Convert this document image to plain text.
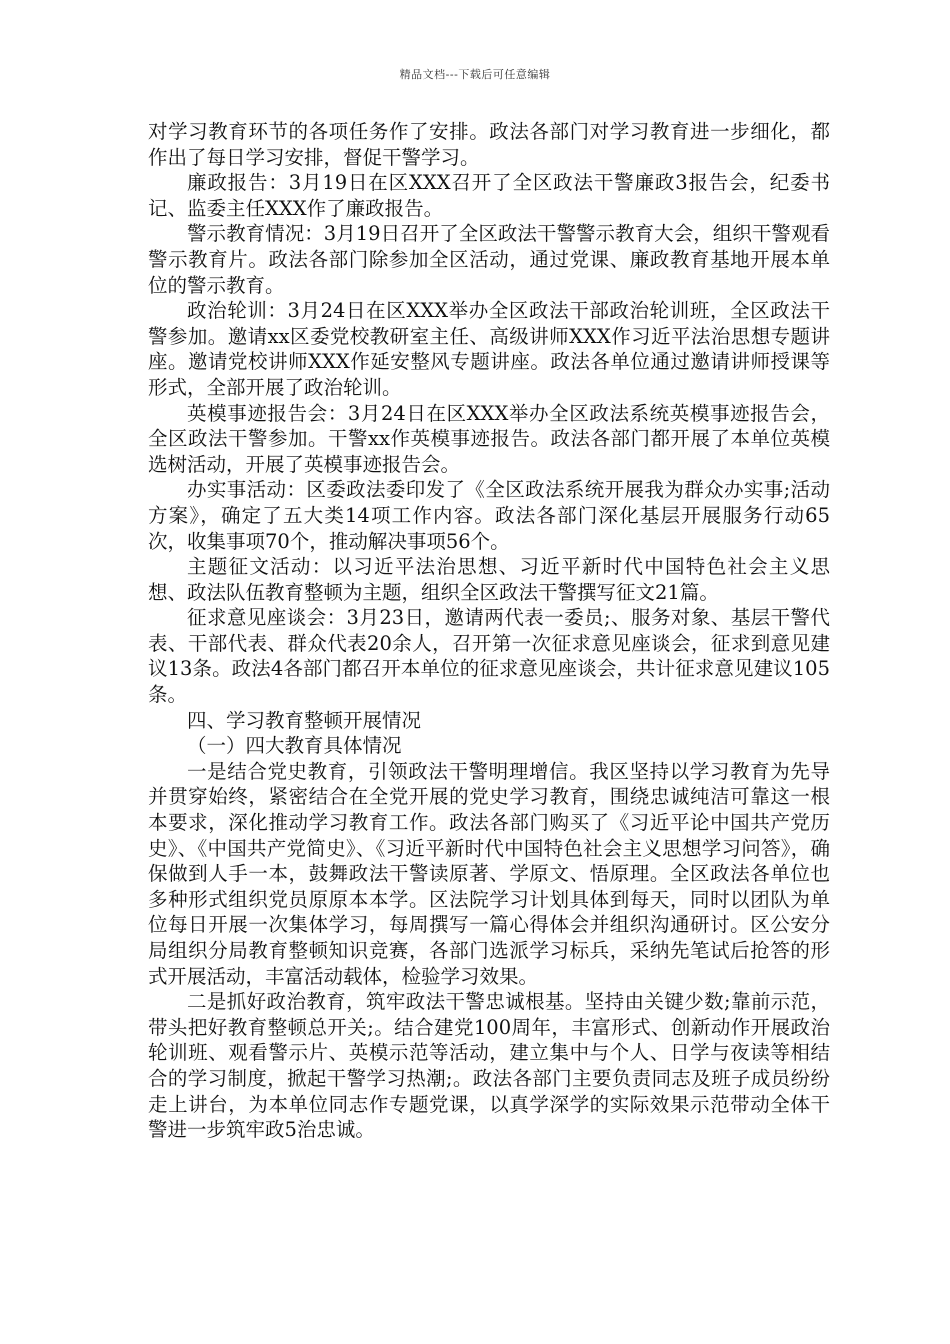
精品文档---下载后可任意编辑

对学习教育环节的各项任务作了安排。政法各部门对学习教育进一步细化，都作出了每日学习安排，督促干警学习。

廉政报告：3月19日在区XXX召开了全区政法干警廉政3报告会，纪委书记、监委主任XXX作了廉政报告。

警示教育情况：3月19日召开了全区政法干警警示教育大会，组织干警观看警示教育片。政法各部门除参加全区活动，通过党课、廉政教育基地开展本单位的警示教育。

政治轮训：3月24日在区XXX举办全区政法干部政治轮训班，全区政法干警参加。邀请xx区委党校教研室主任、高级讲师XXX作习近平法治思想专题讲座。邀请党校讲师XXX作延安整风专题讲座。政法各单位通过邀请讲师授课等形式，全部开展了政治轮训。

英模事迹报告会：3月24日在区XXX举办全区政法系统英模事迹报告会，全区政法干警参加。干警xx作英模事迹报告。政法各部门都开展了本单位英模选树活动，开展了英模事迹报告会。

办实事活动：区委政法委印发了《全区政法系统开展我为群众办实事;活动方案》，确定了五大类14项工作内容。政法各部门深化基层开展服务行动65次，收集事项70个，推动解决事项56个。

主题征文活动：以习近平法治思想、习近平新时代中国特色社会主义思想、政法队伍教育整顿为主题，组织全区政法干警撰写征文21篇。

征求意见座谈会：3月23日，邀请两代表一委员;、服务对象、基层干警代表、干部代表、群众代表20余人，召开第一次征求意见座谈会，征求到意见建议13条。政法4各部门都召开本单位的征求意见座谈会，共计征求意见建议105条。

四、学习教育整顿开展情况

（一）四大教育具体情况

一是结合党史教育，引领政法干警明理增信。我区坚持以学习教育为先导并贯穿始终，紧密结合在全党开展的党史学习教育，围绕忠诚纯洁可靠这一根本要求，深化推动学习教育工作。政法各部门购买了《习近平论中国共产党历史》、《中国共产党简史》、《习近平新时代中国特色社会主义思想学习问答》，确保做到人手一本，鼓舞政法干警读原著、学原文、悟原理。全区政法各单位也多种形式组织党员原原本本学。区法院学习计划具体到每天，同时以团队为单位每日开展一次集体学习，每周撰写一篇心得体会并组织沟通研讨。区公安分局组织分局教育整顿知识竞赛，各部门选派学习标兵，采纳先笔试后抢答的形式开展活动，丰富活动载体，检验学习效果。

二是抓好政治教育，筑牢政法干警忠诚根基。坚持由关键少数;靠前示范，带头把好教育整顿总开关;。结合建党100周年，丰富形式、创新动作开展政治轮训班、观看警示片、英模示范等活动，建立集中与个人、日学与夜读等相结合的学习制度，掀起干警学习热潮;。政法各部门主要负责同志及班子成员纷纷走上讲台，为本单位同志作专题党课，以真学深学的实际效果示范带动全体干警进一步筑牢政5治忠诚。
